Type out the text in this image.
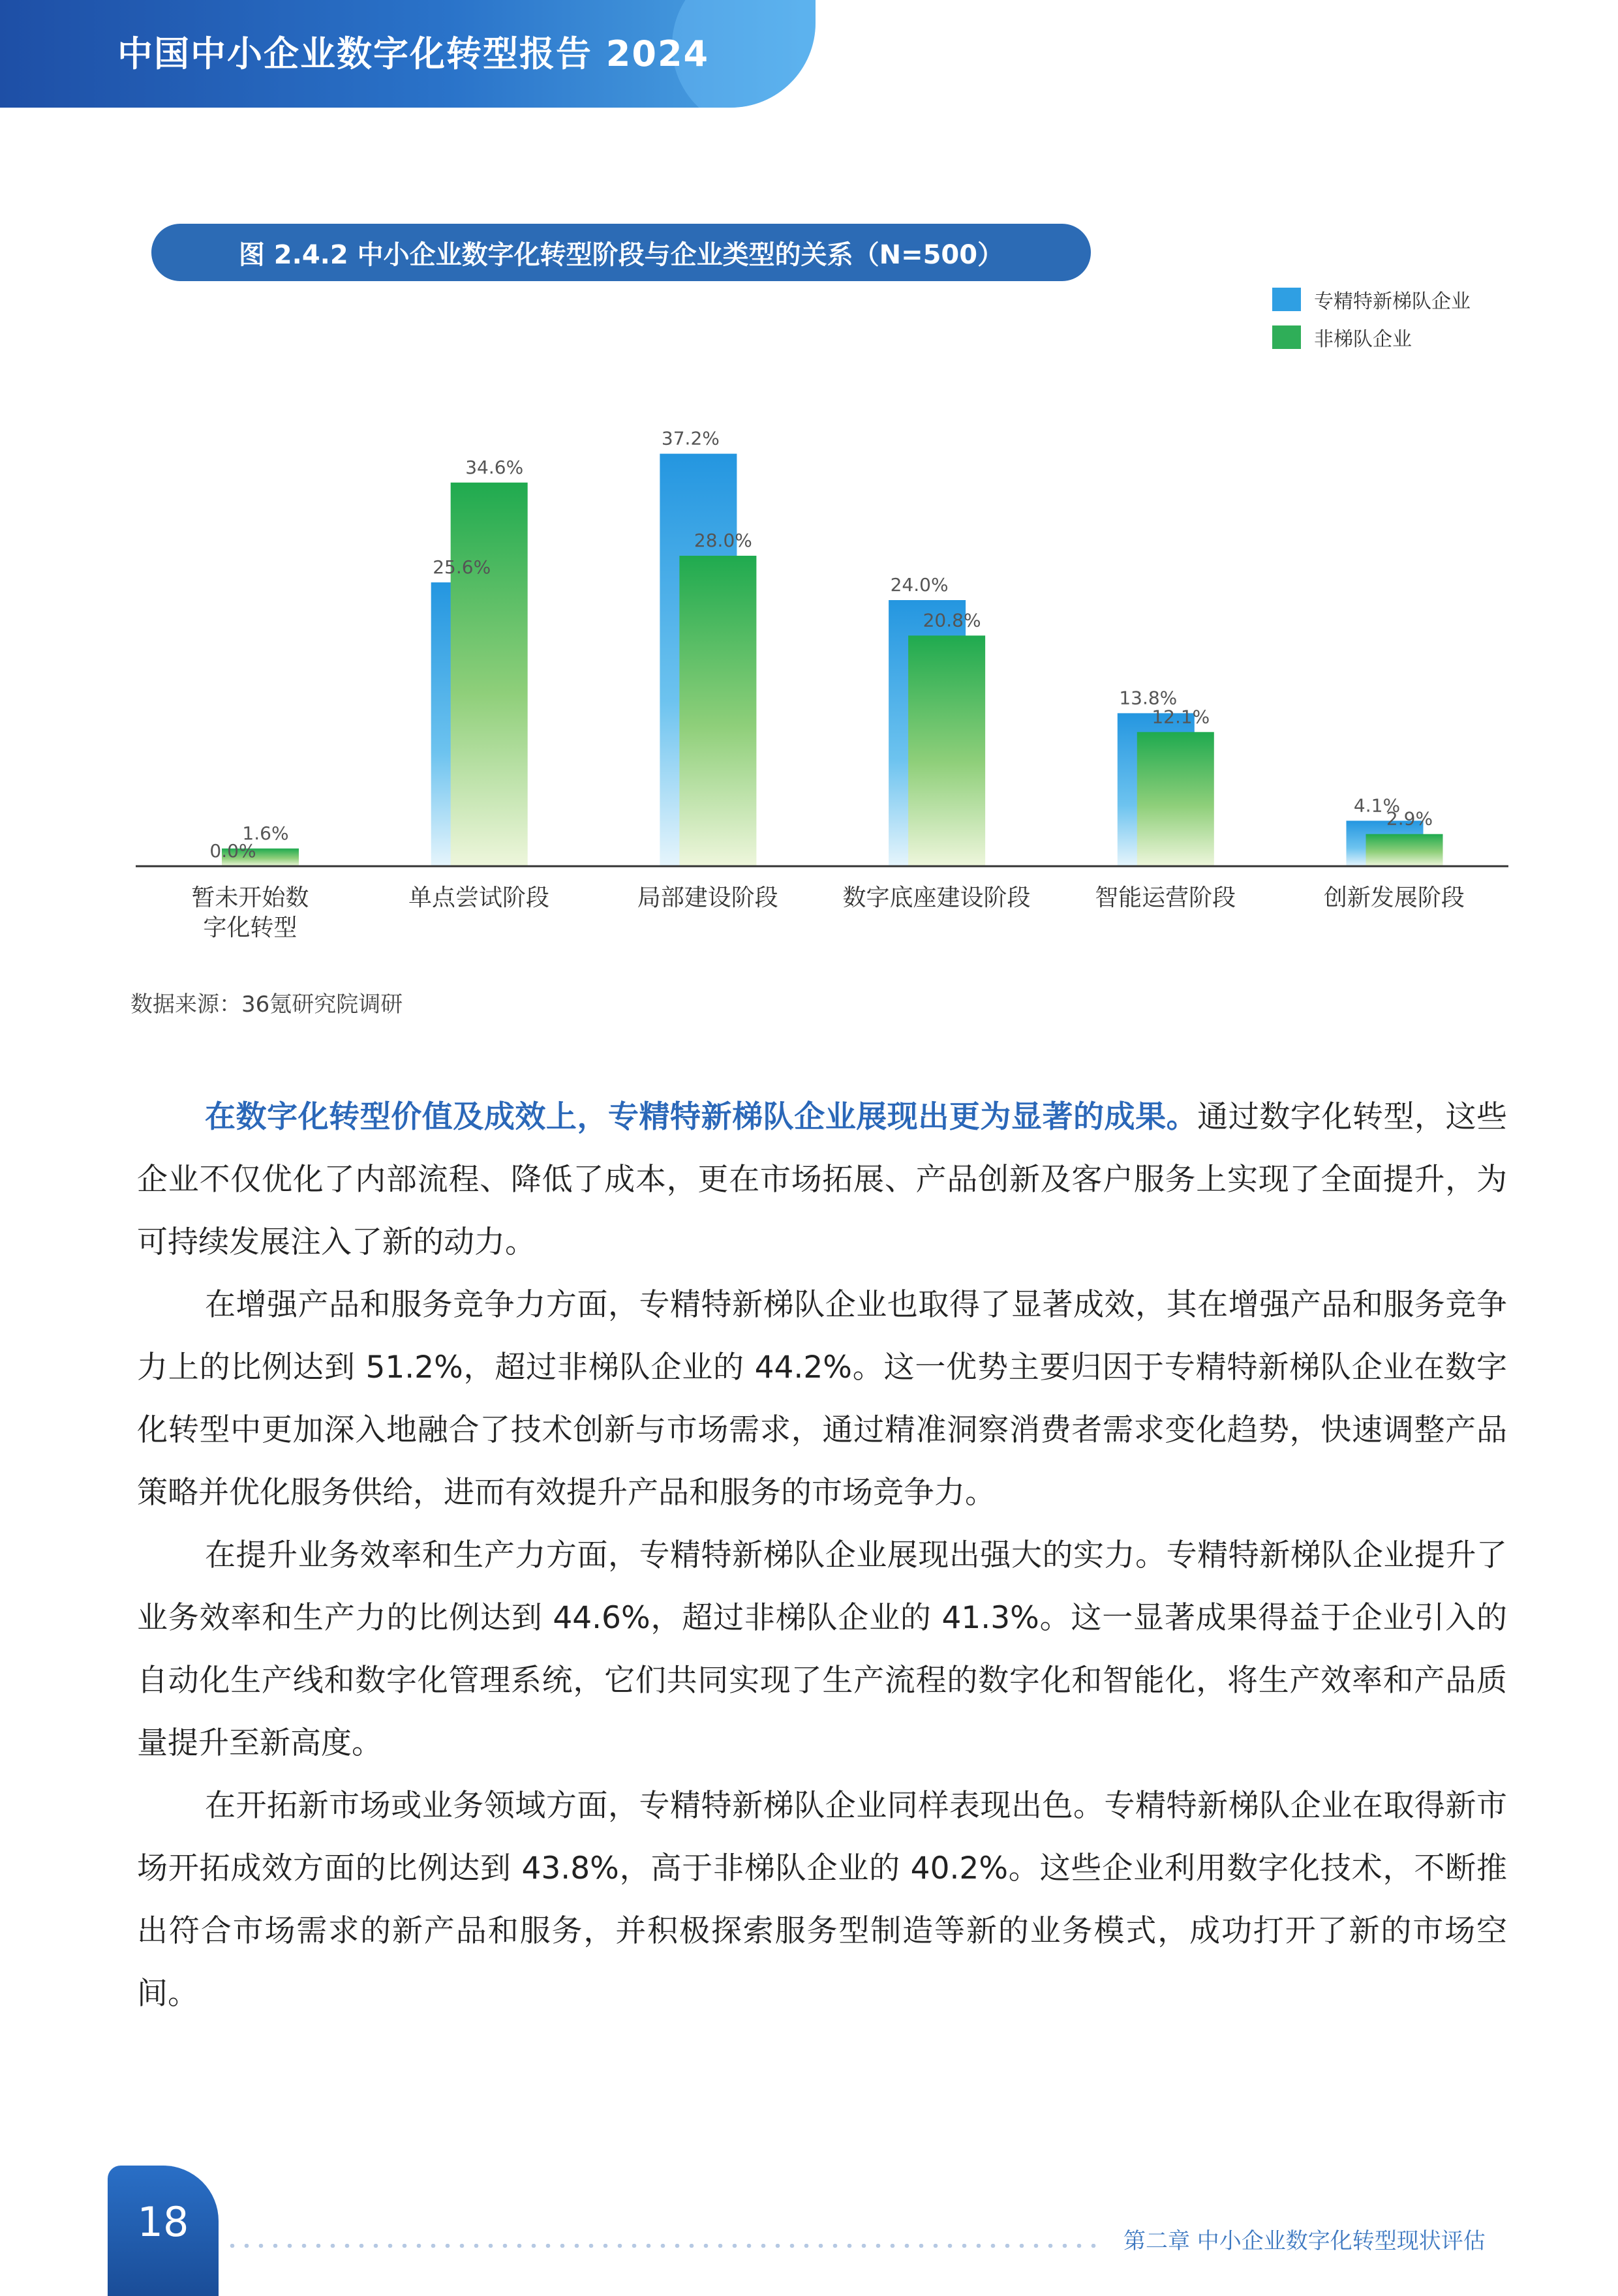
中国中小企业数字化转型报告 2024
图 2.4.2 中小企业数字化转型阶段与企业类型的关系（N=500）
专精特新梯队企业
非梯队企业
0.0%
1.6%
暂未开始数
字化转型
25.6%
34.6%
单点尝试阶段
37.2%
28.0%
局部建设阶段
24.0%
20.8%
数字底座建设阶段
13.8%
12.1%
智能运营阶段
4.1%
2.9%
创新发展阶段
数据来源：36氪研究院调研

在数字化转型价值及成效上，专精特新梯队企业展现出更为显著的成果。通过数字化转型，这些企业不仅优化了内部流程、降低了成本，更在市场拓展、产品创新及客户服务上实现了全面提升，为可持续发展注入了新的动力。

在增强产品和服务竞争力方面，专精特新梯队企业也取得了显著成效，其在增强产品和服务竞争力上的比例达到 51.2%，超过非梯队企业的 44.2%。这一优势主要归因于专精特新梯队企业在数字化转型中更加深入地融合了技术创新与市场需求，通过精准洞察消费者需求变化趋势，快速调整产品策略并优化服务供给，进而有效提升产品和服务的市场竞争力。

在提升业务效率和生产力方面，专精特新梯队企业展现出强大的实力。专精特新梯队企业提升了业务效率和生产力的比例达到 44.6%，超过非梯队企业的 41.3%。这一显著成果得益于企业引入的自动化生产线和数字化管理系统，它们共同实现了生产流程的数字化和智能化，将生产效率和产品质量提升至新高度。

在开拓新市场或业务领域方面，专精特新梯队企业同样表现出色。专精特新梯队企业在取得新市场开拓成效方面的比例达到 43.8%，高于非梯队企业的 40.2%。这些企业利用数字化技术，不断推出符合市场需求的新产品和服务，并积极探索服务型制造等新的业务模式，成功打开了新的市场空间。

18	第二章 中小企业数字化转型现状评估
